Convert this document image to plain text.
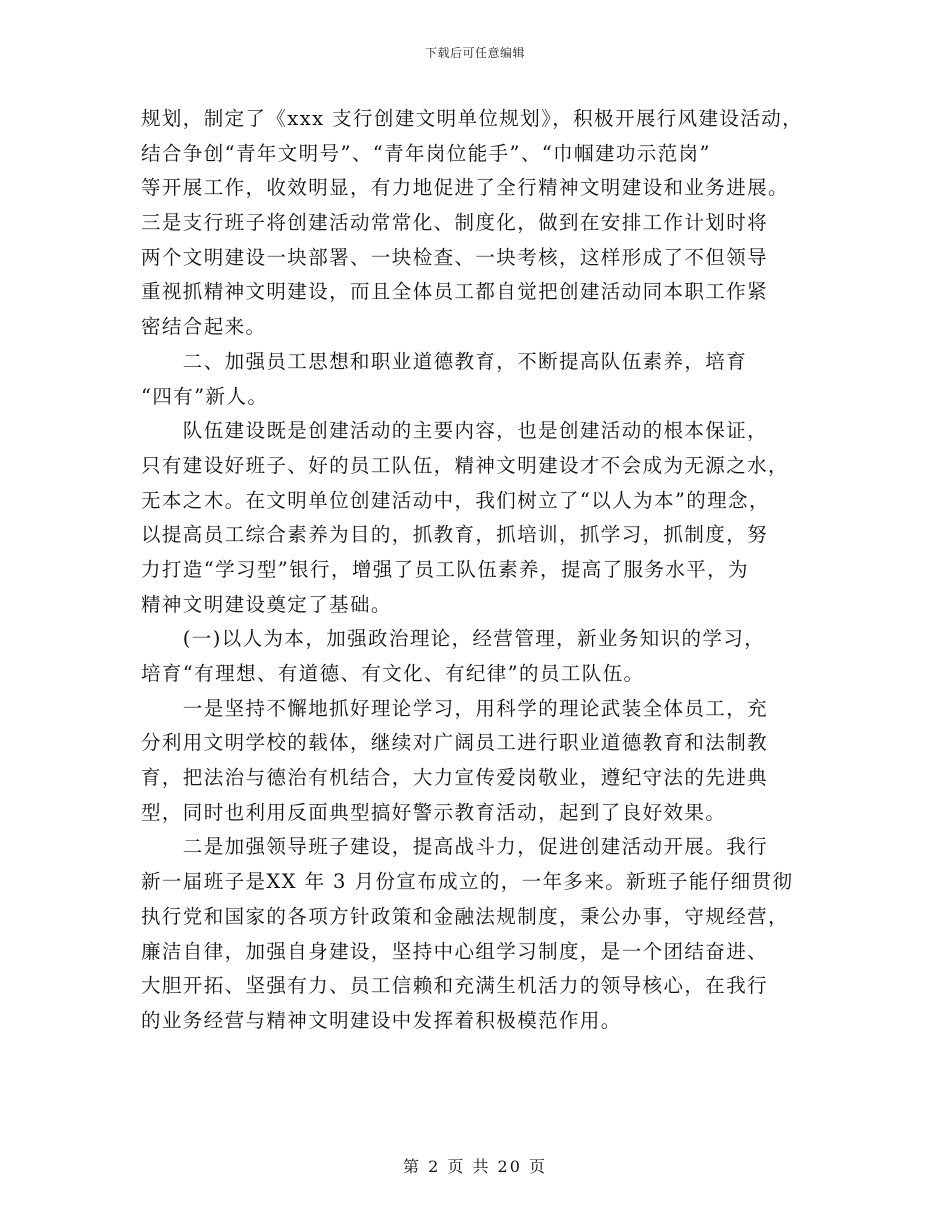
下载后可任意编辑
规划，制定了《xxx 支行创建文明单位规划》，积极开展行风建设活动，
结合争创“青年文明号”、“青年岗位能手”、“巾帼建功示范岗”
等开展工作，收效明显，有力地促进了全行精神文明建设和业务进展。
三是支行班子将创建活动常常化、制度化，做到在安排工作计划时将
两个文明建设一块部署、一块检查、一块考核，这样形成了不但领导
重视抓精神文明建设，而且全体员工都自觉把创建活动同本职工作紧
密结合起来。
　　二、加强员工思想和职业道德教育，不断提高队伍素养，培育
“四有”新人。
　　队伍建设既是创建活动的主要内容，也是创建活动的根本保证，
只有建设好班子、好的员工队伍，精神文明建设才不会成为无源之水，
无本之木。在文明单位创建活动中，我们树立了“以人为本”的理念，
以提高员工综合素养为目的，抓教育，抓培训，抓学习，抓制度，努
力打造“学习型”银行，增强了员工队伍素养，提高了服务水平，为
精神文明建设奠定了基础。
　　(一)以人为本，加强政治理论，经营管理，新业务知识的学习，
培育“有理想、有道德、有文化、有纪律”的员工队伍。
　　一是坚持不懈地抓好理论学习，用科学的理论武装全体员工，充
分利用文明学校的载体，继续对广阔员工进行职业道德教育和法制教
育，把法治与德治有机结合，大力宣传爱岗敬业，遵纪守法的先进典
型，同时也利用反面典型搞好警示教育活动，起到了良好效果。
　　二是加强领导班子建设，提高战斗力，促进创建活动开展。我行
新一届班子是XX 年 3 月份宣布成立的，一年多来。新班子能仔细贯彻
执行党和国家的各项方针政策和金融法规制度，秉公办事，守规经营，
廉洁自律，加强自身建设，坚持中心组学习制度，是一个团结奋进、
大胆开拓、坚强有力、员工信赖和充满生机活力的领导核心，在我行
的业务经营与精神文明建设中发挥着积极模范作用。
第 2 页 共 20 页
